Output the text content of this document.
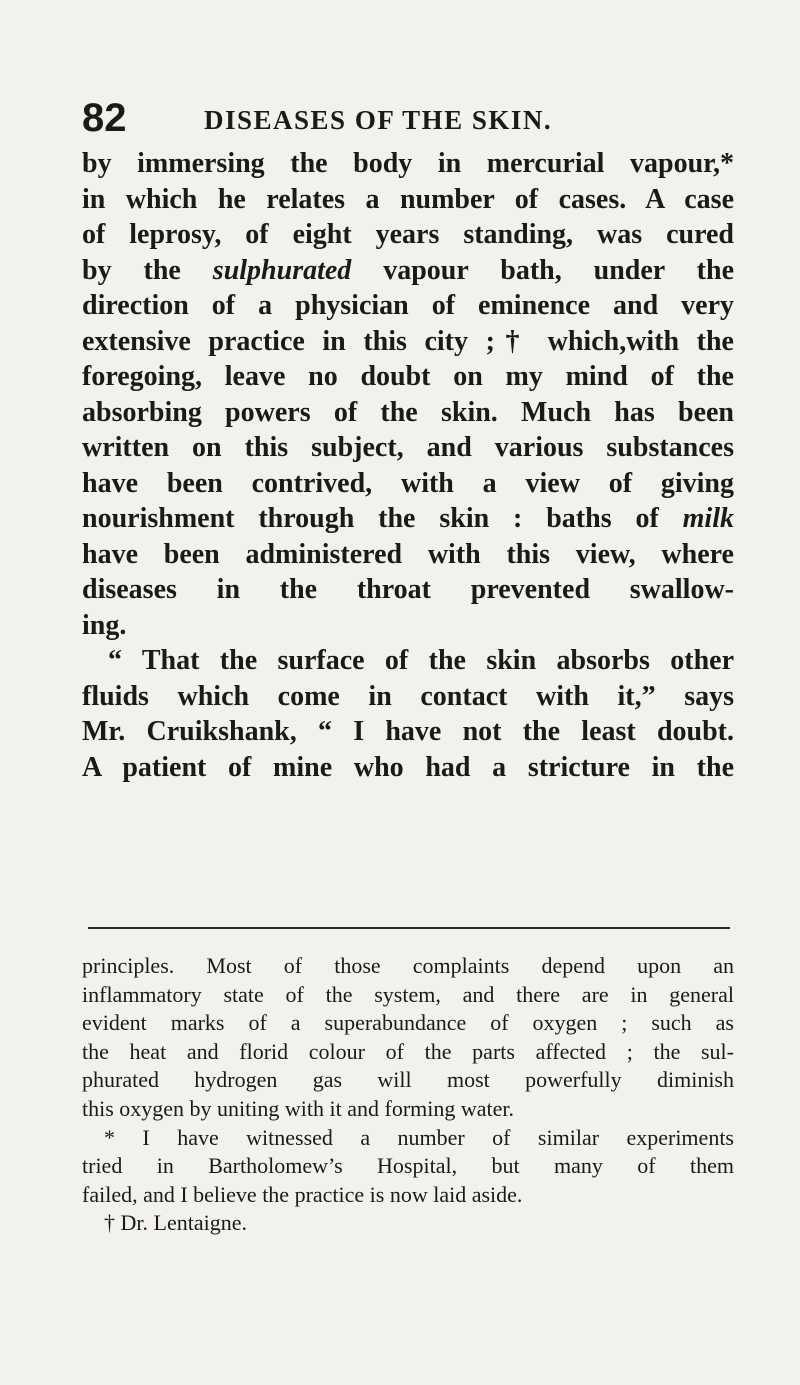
82	DISEASES OF THE SKIN.
by immersing the body in mercurial vapour,*
in which he relates a number of cases. A case
of leprosy, of eight years standing, was cured
by the sulphurated vapour bath, under the
direction of a physician of eminence and very
extensive practice in this city ;† which,with the
foregoing, leave no doubt on my mind of the
absorbing powers of the skin. Much has been
written on this subject, and various substances
have been contrived, with a view of giving
nourishment through the skin : baths of milk
have been administered with this view, where
diseases in the throat prevented swallow-
ing.
“ That the surface of the skin absorbs other
fluids which come in contact with it,” says
Mr. Cruikshank, “ I have not the least doubt.
A patient of mine who had a stricture in the
principles. Most of those complaints depend upon an
inflammatory state of the system, and there are in general
evident marks of a superabundance of oxygen ; such as
the heat and florid colour of the parts affected ; the sul-
phurated hydrogen gas will most powerfully diminish
this oxygen by uniting with it and forming water.
* I have witnessed a number of similar experiments
tried in Bartholomew’s Hospital, but many of them
failed, and I believe the practice is now laid aside.
† Dr. Lentaigne.
